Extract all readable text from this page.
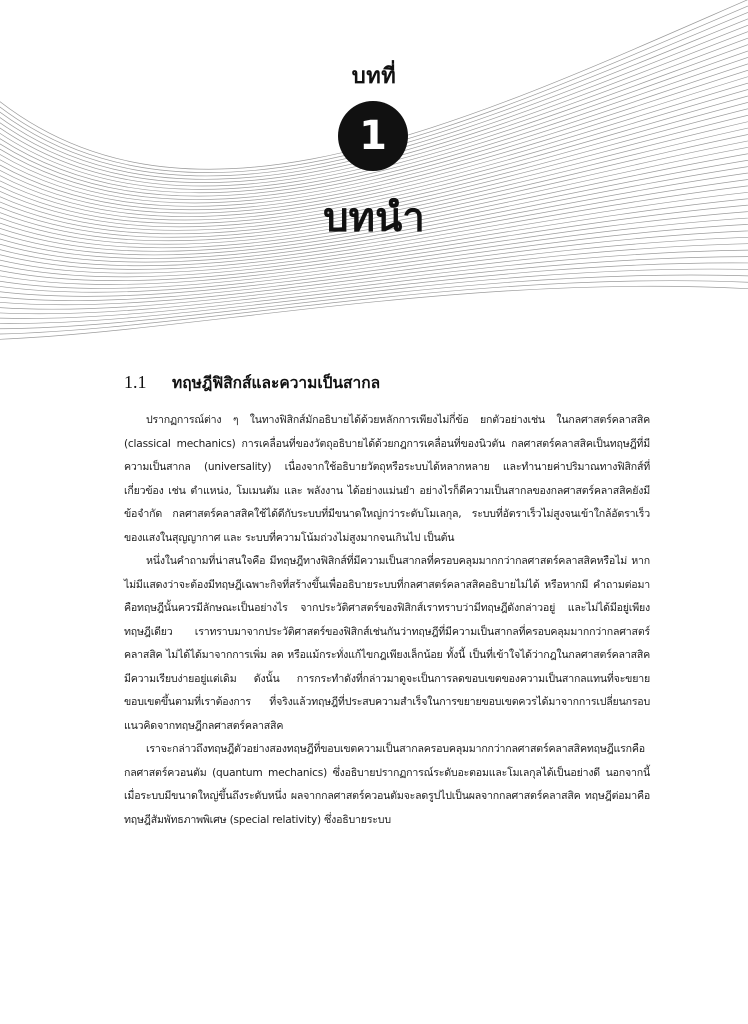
บทที่
1
บทนำ
1.1	ทฤษฎีฟิสิกส์และความเป็นสากล

ปรากฏการณ์ต่าง ๆ ในทางฟิสิกส์มักอธิบายได้ด้วยหลักการเพียงไม่กี่ข้อ ยกตัวอย่างเช่น ในกลศาสตร์คลาสสิค (classical mechanics) การเคลื่อนที่ของวัตถุอธิบายได้ด้วยกฎการเคลื่อนที่ของนิวตัน กลศาสตร์คลาสสิคเป็นทฤษฎีที่มีความเป็นสากล (universality) เนื่องจากใช้อธิบายวัตถุหรือระบบได้หลากหลาย และทำนายค่าปริมาณทางฟิสิกส์ที่เกี่ยวข้อง เช่น ตำแหน่ง, โมเมนตัม และ พลังงาน ได้อย่างแม่นยำ อย่างไรก็ดีความเป็นสากลของกลศาสตร์คลาสสิคยังมีข้อจำกัด กลศาสตร์คลาสสิคใช้ได้ดีกับระบบที่มีขนาดใหญ่กว่าระดับโมเลกุล, ระบบที่อัตราเร็วไม่สูงจนเข้าใกล้อัตราเร็วของแสงในสุญญากาศ และ ระบบที่ความโน้มถ่วงไม่สูงมากจนเกินไป เป็นต้น

หนึ่งในคำถามที่น่าสนใจคือ มีทฤษฎีทางฟิสิกส์ที่มีความเป็นสากลที่ครอบคลุมมากกว่ากลศาสตร์คลาสสิคหรือไม่ หากไม่มีแสดงว่าจะต้องมีทฤษฎีเฉพาะกิจที่สร้างขึ้นเพื่ออธิบายระบบที่กลศาสตร์คลาสสิคอธิบายไม่ได้ หรือหากมี คำถามต่อมาคือทฤษฎีนั้นควรมีลักษณะเป็นอย่างไร จากประวัติศาสตร์ของฟิสิกส์เราทราบว่ามีทฤษฎีดังกล่าวอยู่ และไม่ได้มีอยู่เพียงทฤษฎีเดียว เราทราบมาจากประวัติศาสตร์ของฟิสิกส์เช่นกันว่าทฤษฎีที่มีความเป็นสากลที่ครอบคลุมมากกว่ากลศาสตร์คลาสสิค ไม่ได้ได้มาจากการเพิ่ม ลด หรือแม้กระทั่งแก้ไขกฎเพียงเล็กน้อย ทั้งนี้ เป็นที่เข้าใจได้ว่ากฎในกลศาสตร์คลาสสิคมีความเรียบง่ายอยู่แต่เดิม ดังนั้น การกระทำดังที่กล่าวมาดูจะเป็นการลดขอบเขตของความเป็นสากลแทนที่จะขยายขอบเขตขึ้นตามที่เราต้องการ ที่จริงแล้วทฤษฎีที่ประสบความสำเร็จในการขยายขอบเขตควรได้มาจากการเปลี่ยนกรอบแนวคิดจากทฤษฎีกลศาสตร์คลาสสิค

เราจะกล่าวถึงทฤษฎีตัวอย่างสองทฤษฎีที่ขอบเขตความเป็นสากลครอบคลุมมากกว่ากลศาสตร์คลาสสิคทฤษฎีแรกคือกลศาสตร์ควอนตัม (quantum mechanics) ซึ่งอธิบายปรากฏการณ์ระดับอะตอมและโมเลกุลได้เป็นอย่างดี นอกจากนี้ เมื่อระบบมีขนาดใหญ่ขึ้นถึงระดับหนึ่ง ผลจากกลศาสตร์ควอนตัมจะลดรูปไปเป็นผลจากกลศาสตร์คลาสสิค ทฤษฎีต่อมาคือทฤษฎีสัมพัทธภาพพิเศษ (special relativity) ซึ่งอธิบายระบบ
